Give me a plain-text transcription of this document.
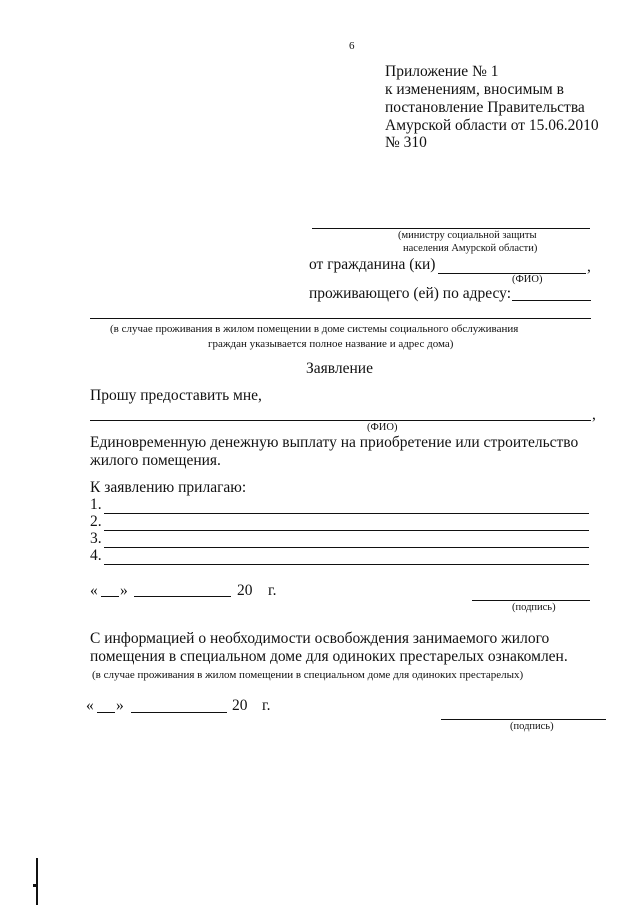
6
Приложение № 1
к изменениям, вносимым в
постановление Правительства
Амурской области от 15.06.2010
№ 310
(министру социальной защиты
населения Амурской области)
от гражданина (ки)	,
(ФИО)
проживающего (ей) по адресу:
(в случае проживания в жилом помещении в доме системы социального обслуживания
граждан указывается полное название и адрес дома)
Заявление
Прошу предоставить мне,
,
(ФИО)
Единовременную денежную выплату на приобретение или строительство
жилого помещения.
К заявлению прилагаю:
1.
2.
3.
4.
« »	20 г.
(подпись)
С информацией о необходимости освобождения занимаемого жилого
помещения в специальном доме для одиноких престарелых ознакомлен.
(в случае проживания в жилом помещении в специальном доме для одиноких престарелых)
« »	20 г.
(подпись)
